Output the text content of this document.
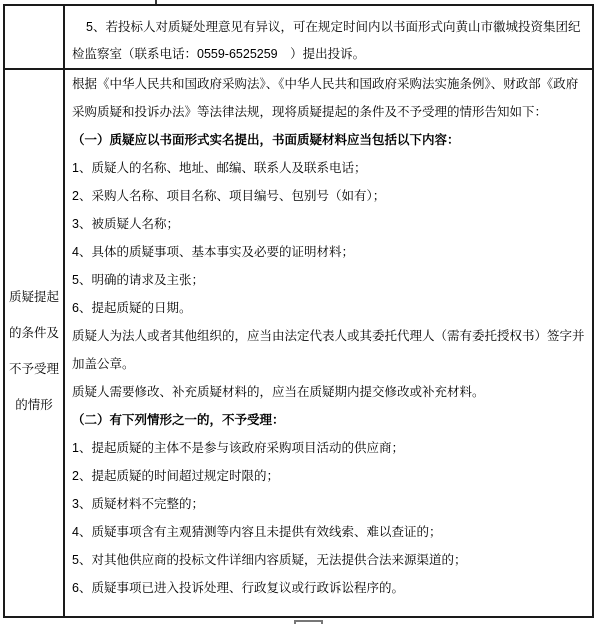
5、若投标人对质疑处理意见有异议，可在规定时间内以书面形式向黄山市徽城投资集团纪检监察室（联系电话：0559-6525259　）提出投诉。

质疑提起的条件及不予受理的情形

根据《中华人民共和国政府采购法》、《中华人民共和国政府采购法实施条例》、财政部《政府采购质疑和投诉办法》等法律法规，现将质疑提起的条件及不予受理的情形告知如下：

（一）质疑应以书面形式实名提出，书面质疑材料应当包括以下内容：

1、质疑人的名称、地址、邮编、联系人及联系电话；

2、采购人名称、项目名称、项目编号、包别号（如有）；

3、被质疑人名称；

4、具体的质疑事项、基本事实及必要的证明材料；

5、明确的请求及主张；

6、提起质疑的日期。

质疑人为法人或者其他组织的，应当由法定代表人或其委托代理人（需有委托授权书）签字并加盖公章。

质疑人需要修改、补充质疑材料的，应当在质疑期内提交修改或补充材料。

（二）有下列情形之一的，不予受理：

1、提起质疑的主体不是参与该政府采购项目活动的供应商；

2、提起质疑的时间超过规定时限的；

3、质疑材料不完整的；

4、质疑事项含有主观猜测等内容且未提供有效线索、难以查证的；

5、对其他供应商的投标文件详细内容质疑，无法提供合法来源渠道的；

6、质疑事项已进入投诉处理、行政复议或行政诉讼程序的。
